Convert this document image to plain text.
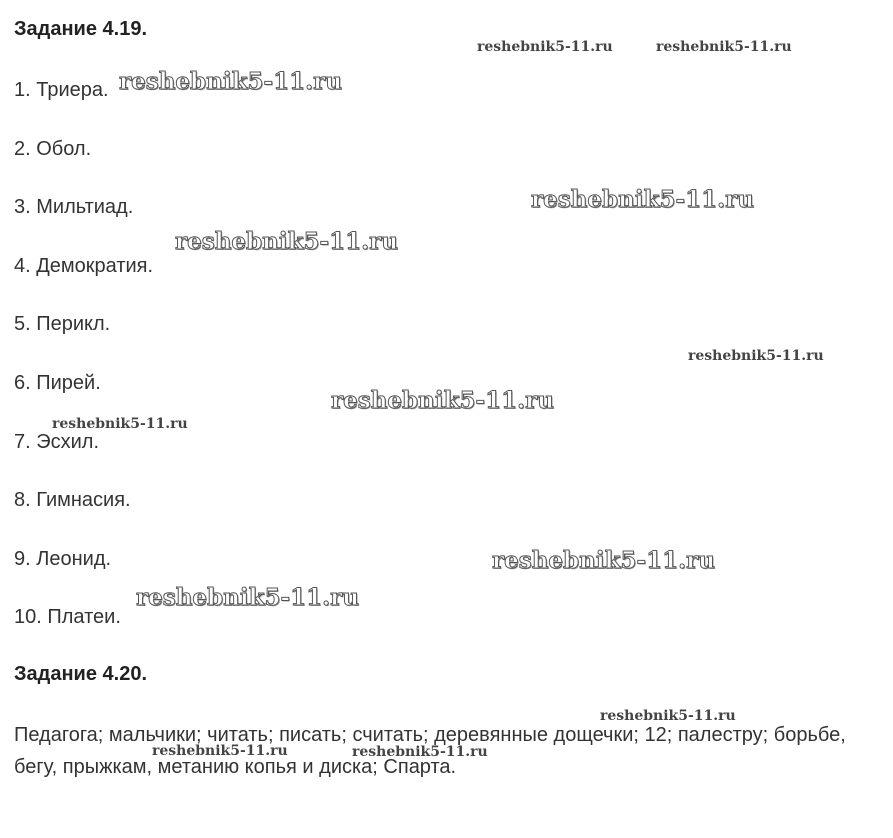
Задание 4.19.
1. Триера.
2. Обол.
3. Мильтиад.
4. Демократия.
5. Перикл.
6. Пирей.
7. Эсхил.
8. Гимнасия.
9. Леонид.
10. Платеи.
Задание 4.20.
Педагога; мальчики; читать; писать; считать; деревянные дощечки; 12; палестру; борьбе, бегу, прыжкам, метанию копья и диска; Спарта.
reshebnik5-11.ru	reshebnik5-11.ru
reshebnik5-11.ru
reshebnik5-11.ru
reshebnik5-11.ru
reshebnik5-11.ru
reshebnik5-11.ru
reshebnik5-11.ru
reshebnik5-11.ru
reshebnik5-11.ru
reshebnik5-11.ru
reshebnik5-11.ru	reshebnik5-11.ru
